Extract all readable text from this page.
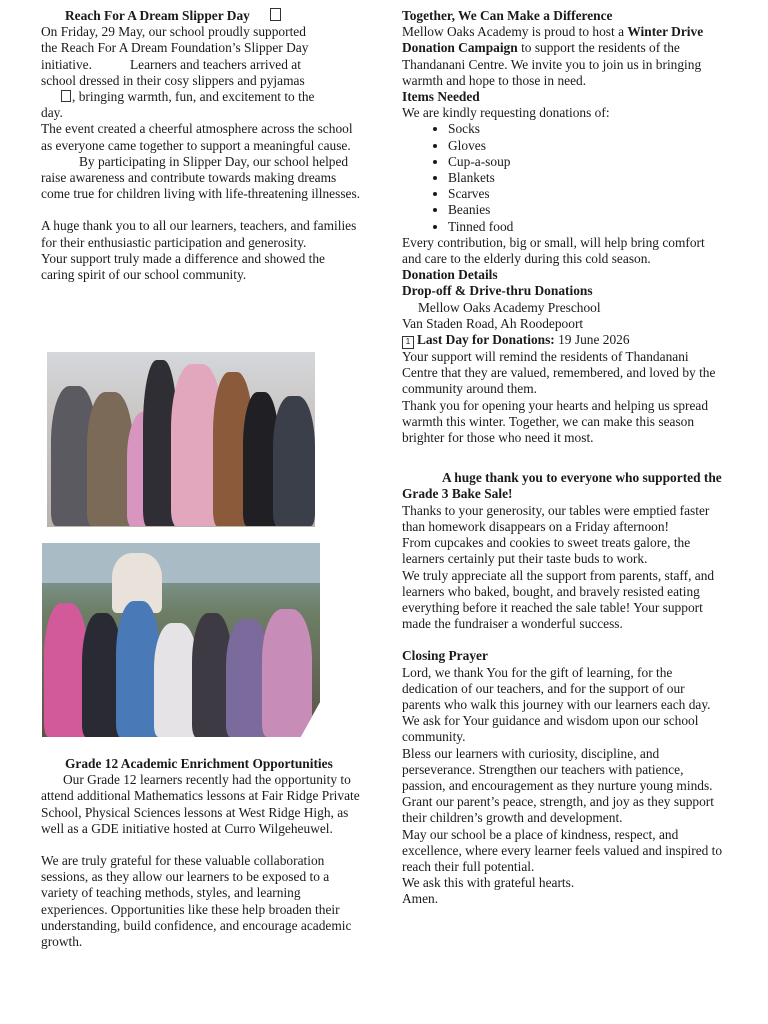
Reach For A Dream Slipper Day

On Friday, 29 May, our school proudly supported
the Reach For A Dream Foundation’s Slipper Day
initiative.	Learners and teachers arrived at
school dressed in their cosy slippers and pyjamas
, bringing warmth, fun, and excitement to the
day.

The event created a cheerful atmosphere across the school as everyone came together to support a meaningful cause.By participating in Slipper Day, our school helped raise awareness and contribute towards making dreams come true for children living with life-threatening illnesses.

A huge thank you to all our learners, teachers, and families for their enthusiastic participation and generosity.Your support truly made a difference and showed the caring spirit of our school community.

Grade 12 Academic Enrichment Opportunities

Our Grade 12 learners recently had the opportunity to attend additional Mathematics lessons at Fair Ridge Private School, Physical Sciences lessons at West Ridge High, as well as a GDE initiative hosted at Curro Wilgeheuwel.

We are truly grateful for these valuable collaboration sessions, as they allow our learners to be exposed to a variety of teaching methods, styles, and learning experiences. Opportunities like these help broaden their understanding, build confidence, and encourage academic growth.

Together, We Can Make a Difference

Mellow Oaks Academy is proud to host a Winter Drive Donation Campaign to support the residents of the Thandanani Centre. We invite you to join us in bringing warmth and hope to those in need.

Items Needed

We are kindly requesting donations of:

• Socks
• Gloves
• Cup-a-soup
• Blankets
• Scarves
• Beanies
• Tinned food

Every contribution, big or small, will help bring comfort and care to the elderly during this cold season.

Donation Details

Drop-off & Drive-thru Donations

Mellow Oaks Academy Preschool

Van Staden Road, Ah Roodepoort

1 Last Day for Donations: 19 June 2026

Your support will remind the residents of Thandanani Centre that they are valued, remembered, and loved by the community around them.

Thank you for opening your hearts and helping us spread warmth this winter. Together, we can make this season brighter for those who need it most.

A huge thank you to everyone who supported the Grade 3 Bake Sale!

Thanks to your generosity, our tables were emptied faster than homework disappears on a Friday afternoon!From cupcakes and cookies to sweet treats galore, the learners certainly put their taste buds to work.

We truly appreciate all the support from parents, staff, and learners who baked, bought, and bravely resisted eating everything before it reached the sale table! Your support made the fundraiser a wonderful success.

Closing Prayer

Lord, we thank You for the gift of learning, for the dedication of our teachers, and for the support of our parents who walk this journey with our learners each day. We ask for Your guidance and wisdom upon our school community.

Bless our learners with curiosity, discipline, and perseverance. Strengthen our teachers with patience, passion, and encouragement as they nurture young minds. Grant our parent’s peace, strength, and joy as they support their children’s growth and development.

May our school be a place of kindness, respect, and excellence, where every learner feels valued and inspired to reach their full potential.

We ask this with grateful hearts.

Amen.
